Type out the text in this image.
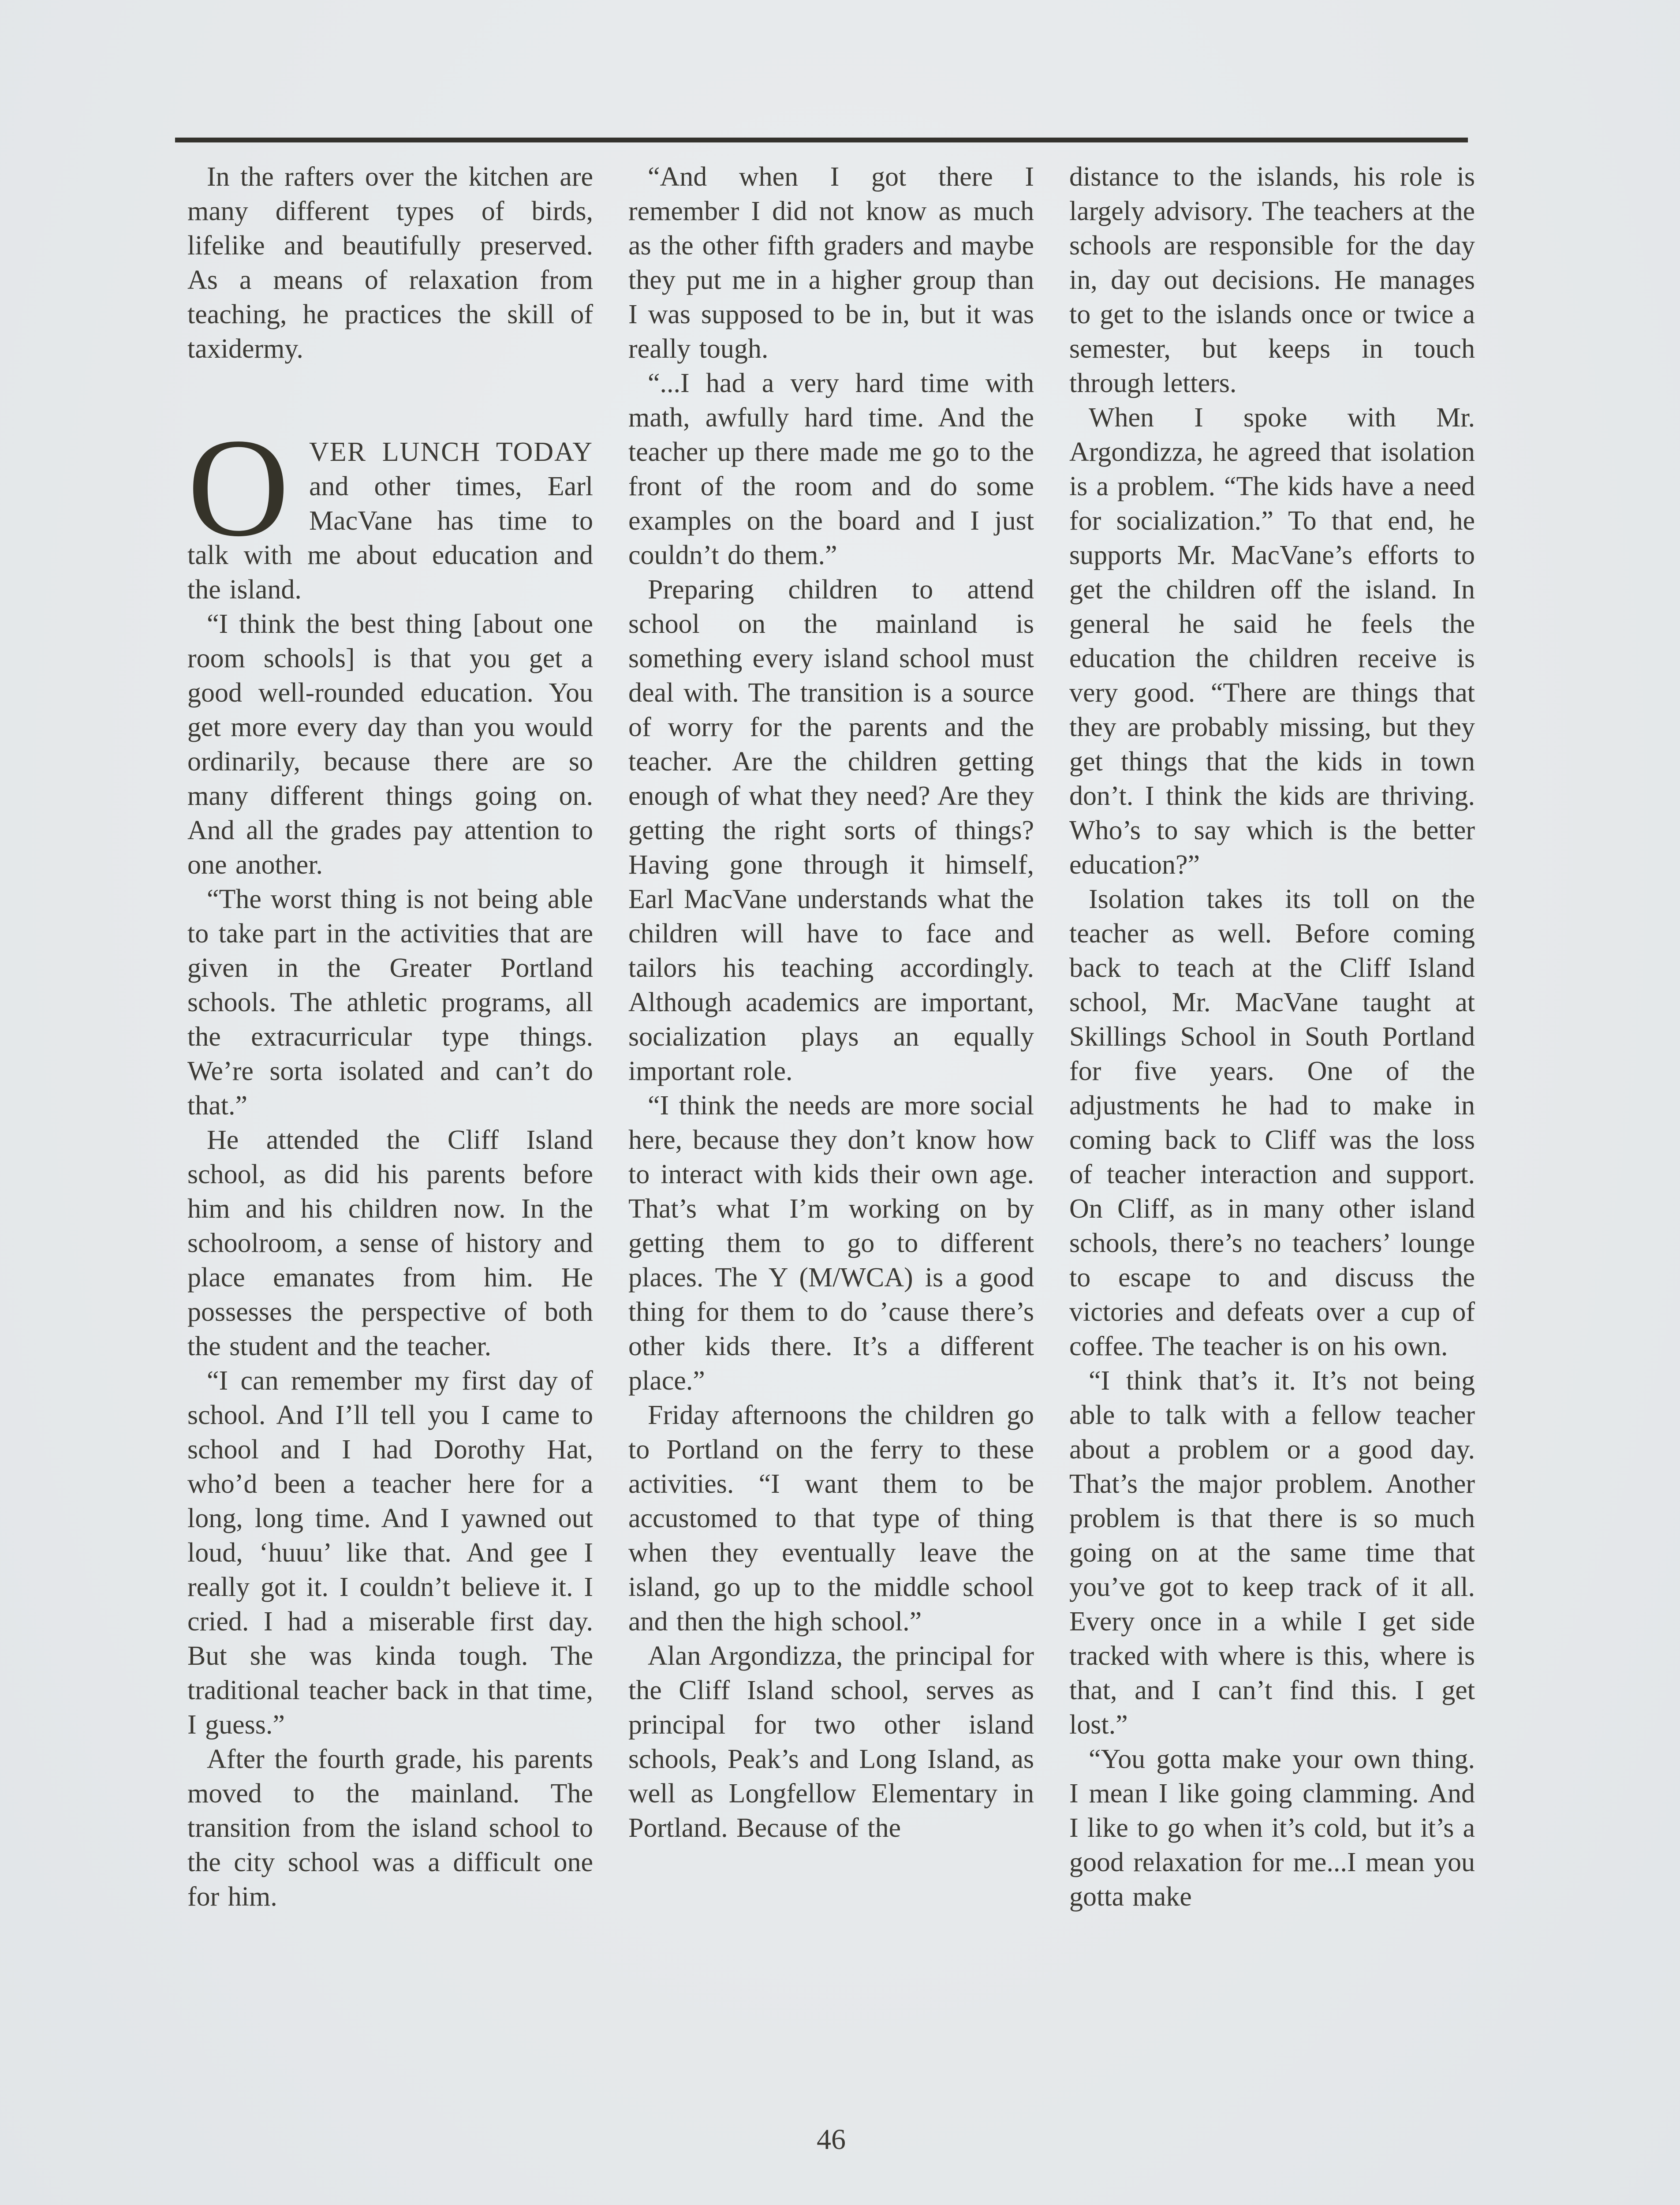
In the rafters over the kitchen are many different types of birds, lifelike and beautifully preserved. As a means of relaxation from teaching, he practices the skill of taxidermy.

O VER LUNCH TODAY and other times, Earl MacVane has time to talk with me about education and the island.

“I think the best thing [about one room schools] is that you get a good well-rounded education. You get more every day than you would ordinarily, because there are so many different things going on. And all the grades pay attention to one another.

“The worst thing is not being able to take part in the activities that are given in the Greater Portland schools. The athletic programs, all the extracurricular type things. We’re sorta isolated and can’t do that.”

He attended the Cliff Island school, as did his parents before him and his children now. In the schoolroom, a sense of history and place emanates from him. He possesses the perspective of both the student and the teacher.

“I can remember my first day of school. And I’ll tell you I came to school and I had Dorothy Hat, who’d been a teacher here for a long, long time. And I yawned out loud, ‘huuu’ like that. And gee I really got it. I couldn’t believe it. I cried. I had a miserable first day. But she was kinda tough. The traditional teacher back in that time, I guess.”

After the fourth grade, his parents moved to the mainland. The transition from the island school to the city school was a difficult one for him.

“And when I got there I remember I did not know as much as the other fifth graders and maybe they put me in a higher group than I was supposed to be in, but it was really tough.

“...I had a very hard time with math, awfully hard time. And the teacher up there made me go to the front of the room and do some examples on the board and I just couldn’t do them.”

Preparing children to attend school on the mainland is something every island school must deal with. The transition is a source of worry for the parents and the teacher. Are the children getting enough of what they need? Are they getting the right sorts of things? Having gone through it himself, Earl MacVane understands what the children will have to face and tailors his teaching accordingly. Although academics are important, socialization plays an equally important role.

“I think the needs are more social here, because they don’t know how to interact with kids their own age. That’s what I’m working on by getting them to go to different places. The Y (M/WCA) is a good thing for them to do ’cause there’s other kids there. It’s a different place.”

Friday afternoons the children go to Portland on the ferry to these activities. “I want them to be accustomed to that type of thing when they eventually leave the island, go up to the middle school and then the high school.”

Alan Argondizza, the principal for the Cliff Island school, serves as principal for two other island schools, Peak’s and Long Island, as well as Longfellow Elementary in Portland. Because of the

distance to the islands, his role is largely advisory. The teachers at the schools are responsible for the day in, day out decisions. He manages to get to the islands once or twice a semester, but keeps in touch through letters.

When I spoke with Mr. Argondizza, he agreed that isolation is a problem. “The kids have a need for socialization.” To that end, he supports Mr. MacVane’s efforts to get the children off the island. In general he said he feels the education the children receive is very good. “There are things that they are probably missing, but they get things that the kids in town don’t. I think the kids are thriving. Who’s to say which is the better education?”

Isolation takes its toll on the teacher as well. Before coming back to teach at the Cliff Island school, Mr. MacVane taught at Skillings School in South Portland for five years. One of the adjustments he had to make in coming back to Cliff was the loss of teacher interaction and support. On Cliff, as in many other island schools, there’s no teachers’ lounge to escape to and discuss the victories and defeats over a cup of coffee. The teacher is on his own.

“I think that’s it. It’s not being able to talk with a fellow teacher about a problem or a good day. That’s the major problem. Another problem is that there is so much going on at the same time that you’ve got to keep track of it all. Every once in a while I get side tracked with where is this, where is that, and I can’t find this. I get lost.”

“You gotta make your own thing. I mean I like going clamming. And I like to go when it’s cold, but it’s a good relaxation for me...I mean you gotta make

46
